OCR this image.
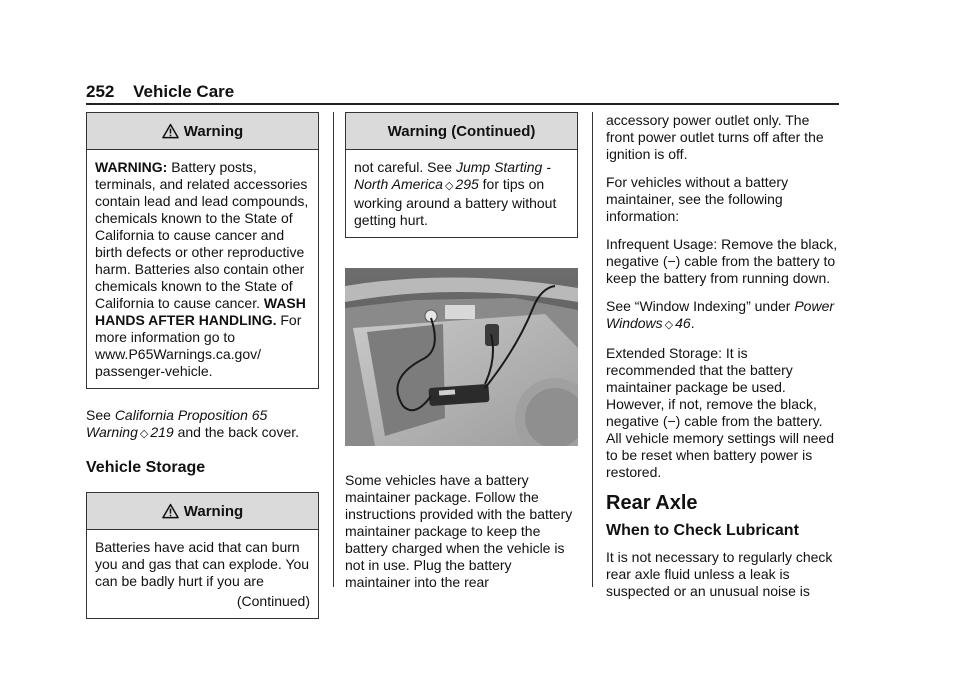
252 Vehicle Care
Warning
WARNING: Battery posts, terminals, and related accessories contain lead and lead compounds, chemicals known to the State of California to cause cancer and birth defects or other reproductive harm. Batteries also contain other chemicals known to the State of California to cause cancer. WASH HANDS AFTER HANDLING. For more information go to www.P65Warnings.ca.gov/ passenger-vehicle.

See California Proposition 65 Warning ◇ 219 and the back cover.

Vehicle Storage
Warning
Batteries have acid that can burn you and gas that can explode. You can be badly hurt if you are
(Continued)
Warning (Continued)
not careful. See Jump Starting - North America ◇ 295 for tips on working around a battery without getting hurt.

Some vehicles have a battery maintainer package. Follow the instructions provided with the battery maintainer package to keep the battery charged when the vehicle is not in use. Plug the battery maintainer into the rear

accessory power outlet only. The front power outlet turns off after the ignition is off.

For vehicles without a battery maintainer, see the following information:

Infrequent Usage: Remove the black, negative (−) cable from the battery to keep the battery from running down.

See “Window Indexing” under Power Windows ◇ 46.

Extended Storage: It is recommended that the battery maintainer package be used. However, if not, remove the black, negative (−) cable from the battery. All vehicle memory settings will need to be reset when battery power is restored.

Rear Axle
When to Check Lubricant

It is not necessary to regularly check rear axle fluid unless a leak is suspected or an unusual noise is
